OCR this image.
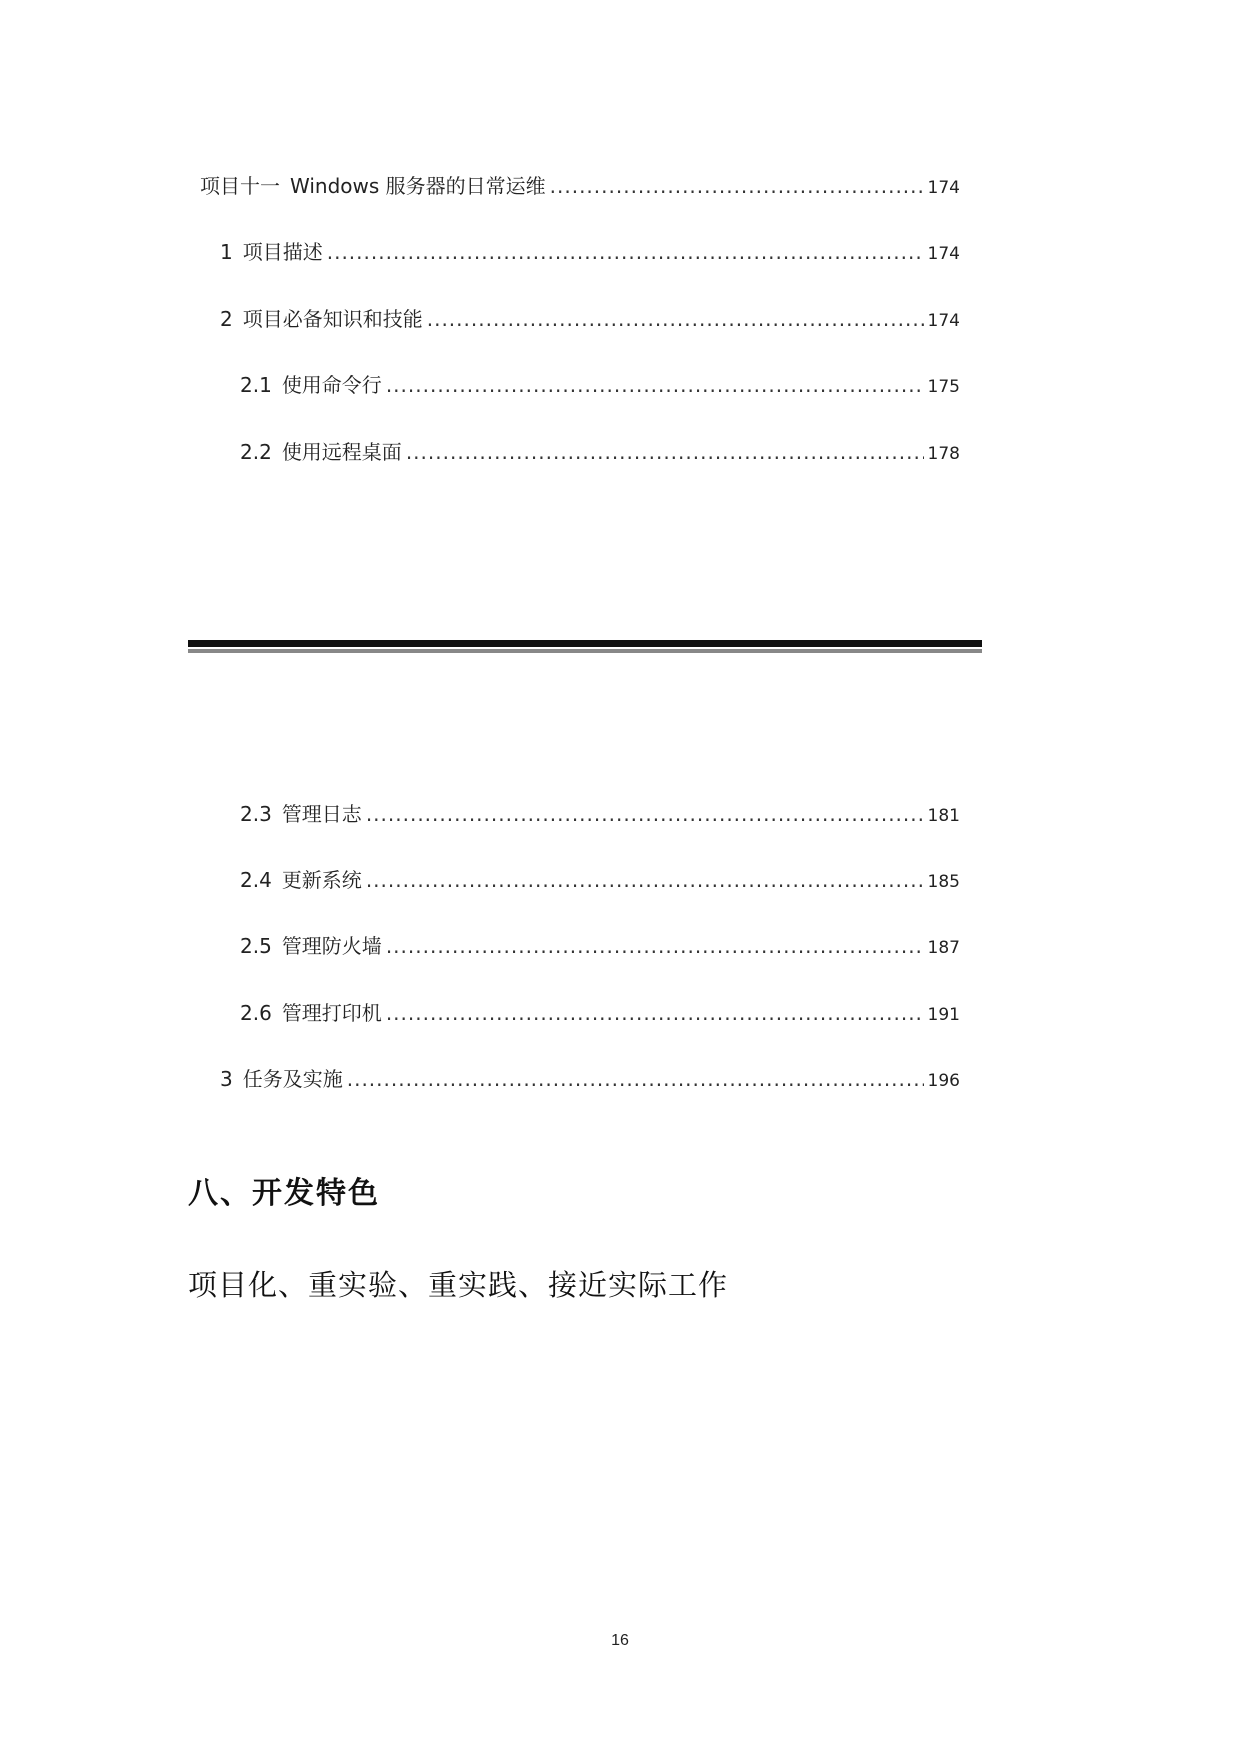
项目十一 Windows 服务器的日常运维 .....	174
1 项目描述 .....	174
2 项目必备知识和技能 .....	174
2.1 使用命令行 .....	175
2.2 使用远程桌面 .....	178
2.3 管理日志 .....	181
2.4 更新系统 .....	185
2.5 管理防火墙 .....	187
2.6 管理打印机 .....	191
3 任务及实施 .....	196
八、开发特色
项目化、重实验、重实践、接近实际工作
16
